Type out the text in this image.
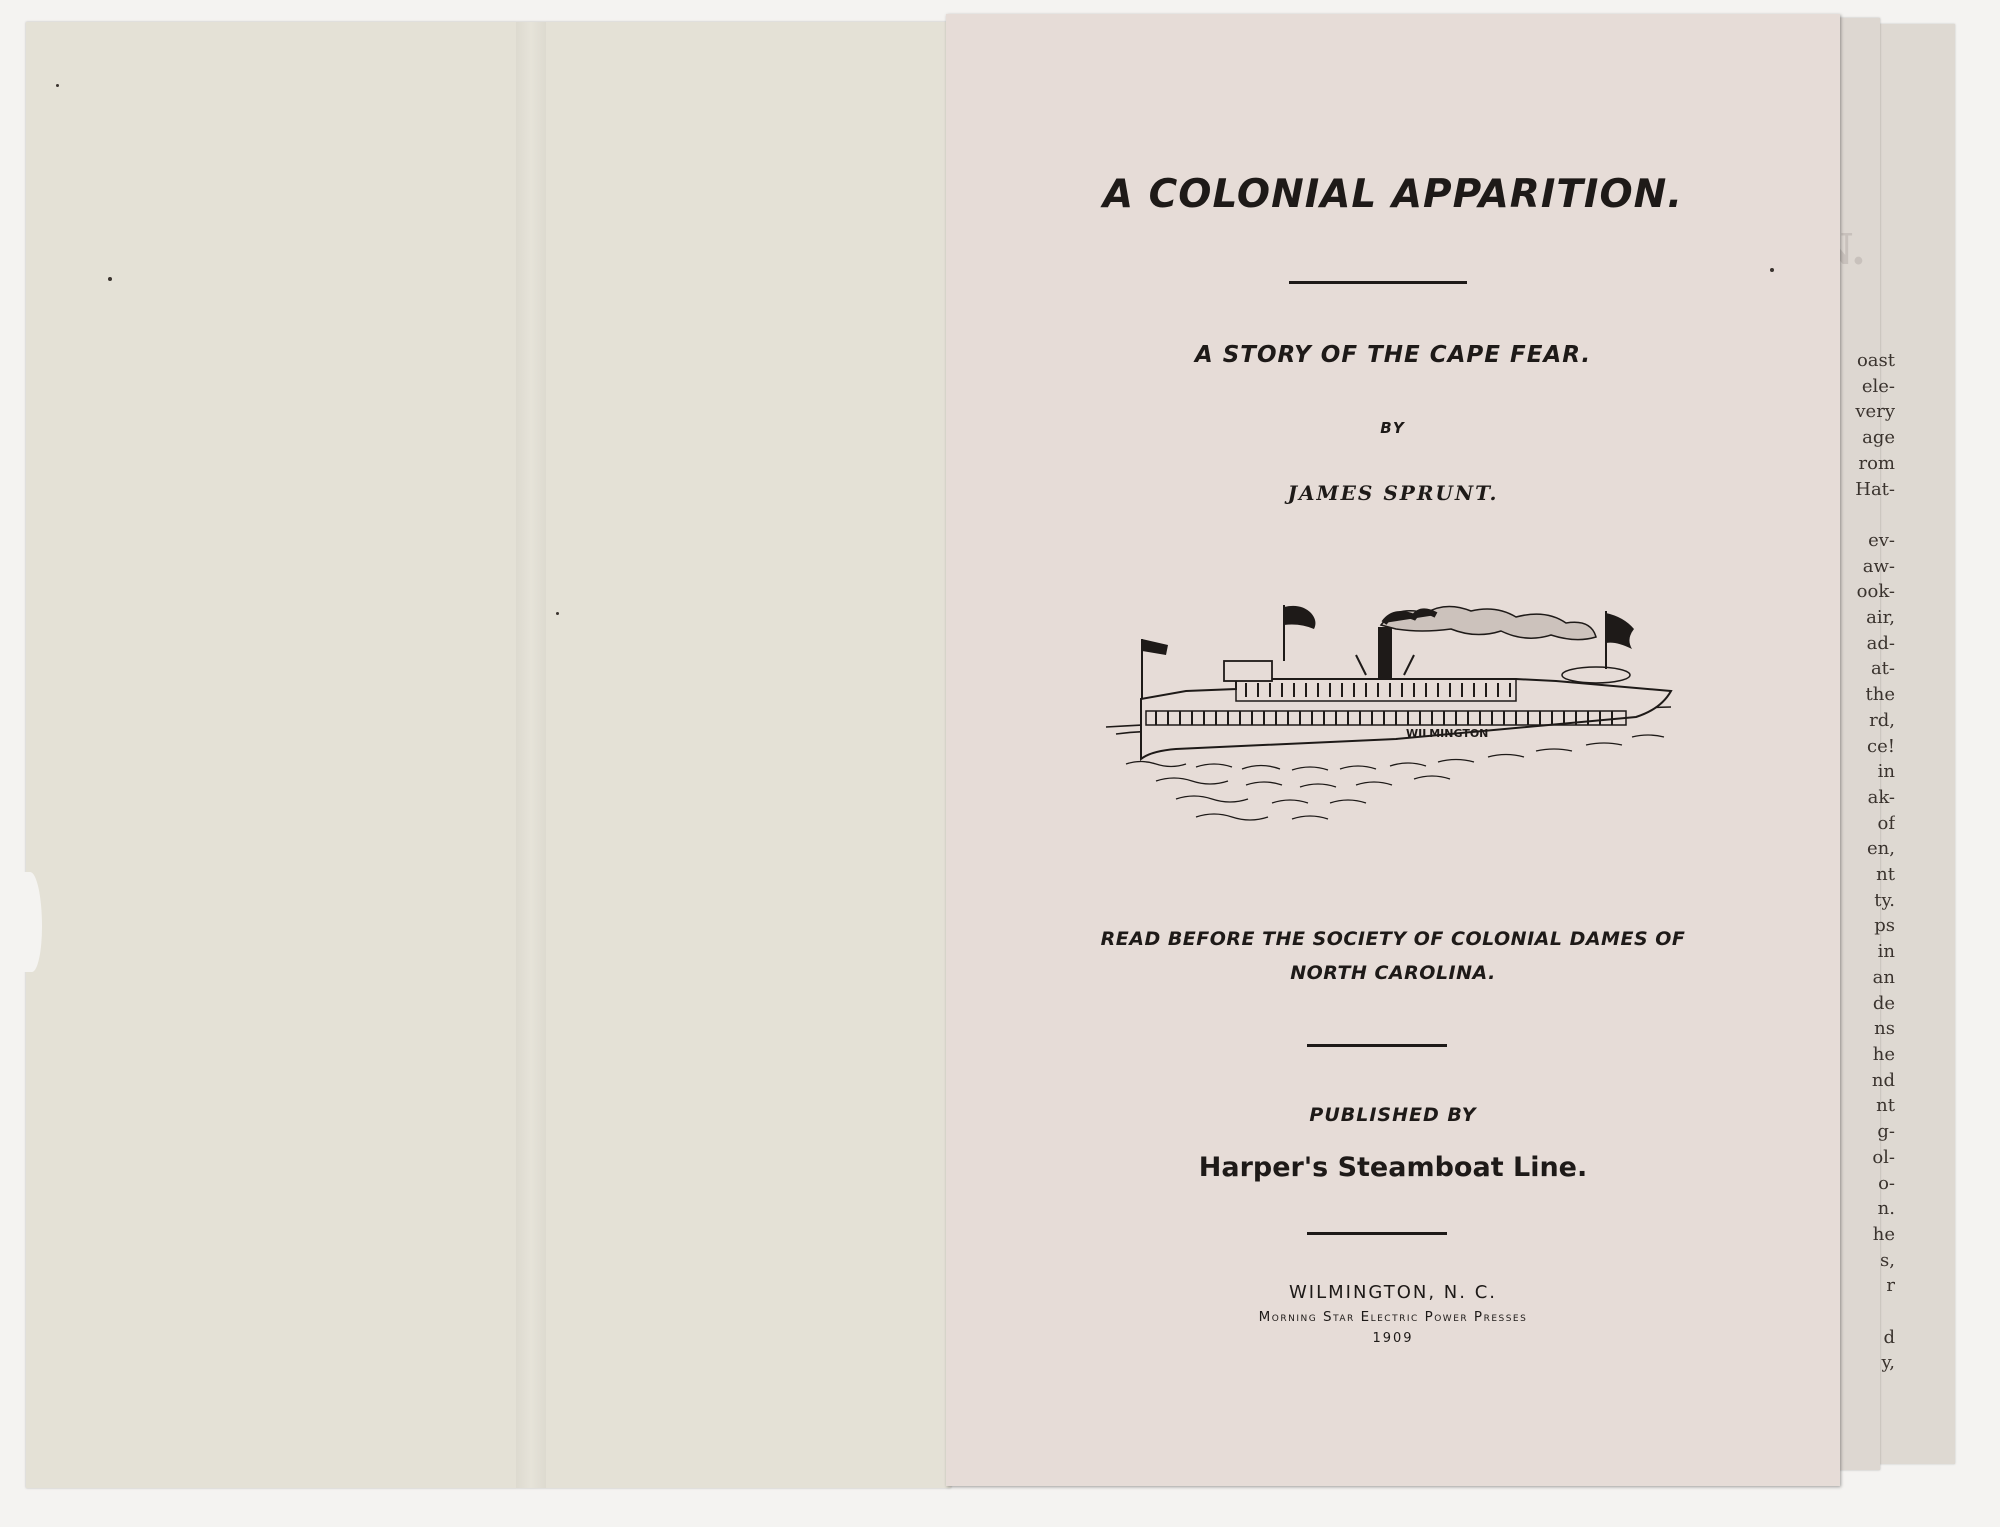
oast
ele-
very
age
rom
Hat-

ev-
aw-
ook-
air,
ad-
at-
the
rd,
ce!
in
ak-
of
en,
nt
ty.
ps
in
an
de
ns
he
nd
nt
g-
ol-
o-
n.
he
s,
r

d
y,
A COLONIAL APPARITION.
A STORY OF THE CAPE FEAR.
BY
JAMES SPRUNT.
WILMINGTON
READ BEFORE THE SOCIETY OF COLONIAL DAMES OF
NORTH CAROLINA.
PUBLISHED BY
Harper's Steamboat Line.
WILMINGTON, N. C.
Morning Star Electric Power Presses
1909
